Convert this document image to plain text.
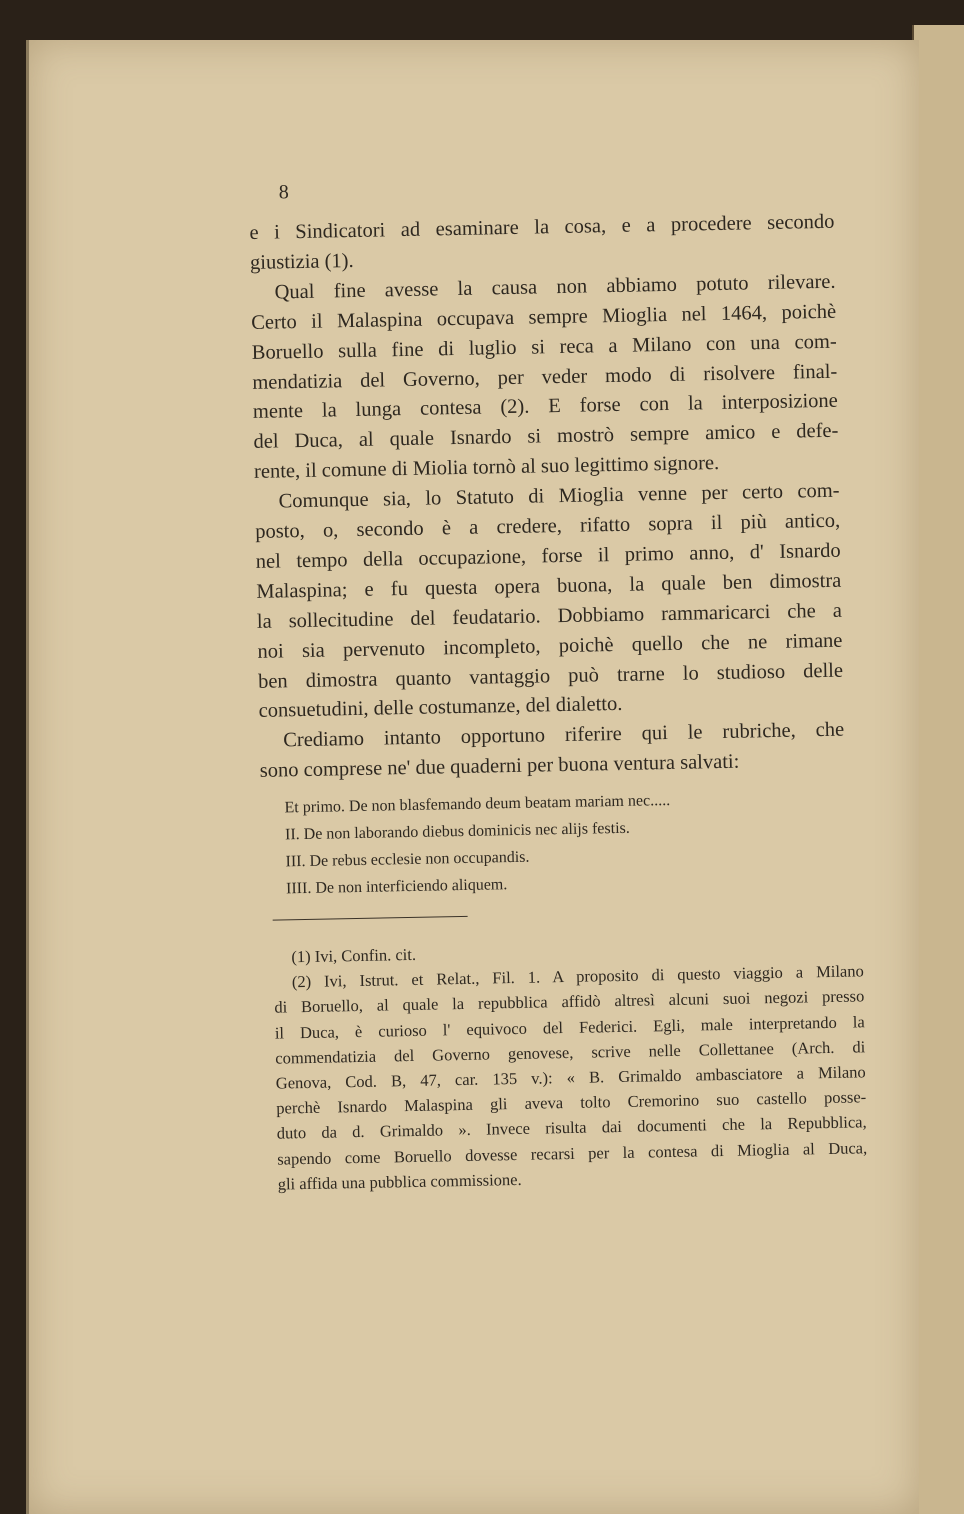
8
e i Sindicatori ad esaminare la cosa, e a procedere secondo
giustizia (1).
Qual fine avesse la causa non abbiamo potuto rilevare.
Certo il Malaspina occupava sempre Mioglia nel 1464, poichè
Boruello sulla fine di luglio si reca a Milano con una com-
mendatizia del Governo, per veder modo di risolvere final-
mente la lunga contesa (2). E forse con la interposizione
del Duca, al quale Isnardo si mostrò sempre amico e defe-
rente, il comune di Miolia tornò al suo legittimo signore.
Comunque sia, lo Statuto di Mioglia venne per certo com-
posto, o, secondo è a credere, rifatto sopra il più antico,
nel tempo della occupazione, forse il primo anno, d' Isnardo
Malaspina; e fu questa opera buona, la quale ben dimostra
la sollecitudine del feudatario. Dobbiamo rammaricarci che a
noi sia pervenuto incompleto, poichè quello che ne rimane
ben dimostra quanto vantaggio può trarne lo studioso delle
consuetudini, delle costumanze, del dialetto.
Crediamo intanto opportuno riferire qui le rubriche, che
sono comprese ne' due quaderni per buona ventura salvati:
Et primo. De non blasfemando deum beatam mariam nec.....
II. De non laborando diebus dominicis nec alijs festis.
III. De rebus ecclesie non occupandis.
IIII. De non interficiendo aliquem.
(1) Ivi, Confin. cit.
(2) Ivi, Istrut. et Relat., Fil. 1. A proposito di questo viaggio a Milano
di Boruello, al quale la repubblica affidò altresì alcuni suoi negozi presso
il Duca, è curioso l' equivoco del Federici. Egli, male interpretando la
commendatizia del Governo genovese, scrive nelle Collettanee (Arch. di
Genova, Cod. B, 47, car. 135 v.): « B. Grimaldo ambasciatore a Milano
perchè Isnardo Malaspina gli aveva tolto Cremorino suo castello posse-
duto da d. Grimaldo ». Invece risulta dai documenti che la Repubblica,
sapendo come Boruello dovesse recarsi per la contesa di Mioglia al Duca,
gli affida una pubblica commissione.
